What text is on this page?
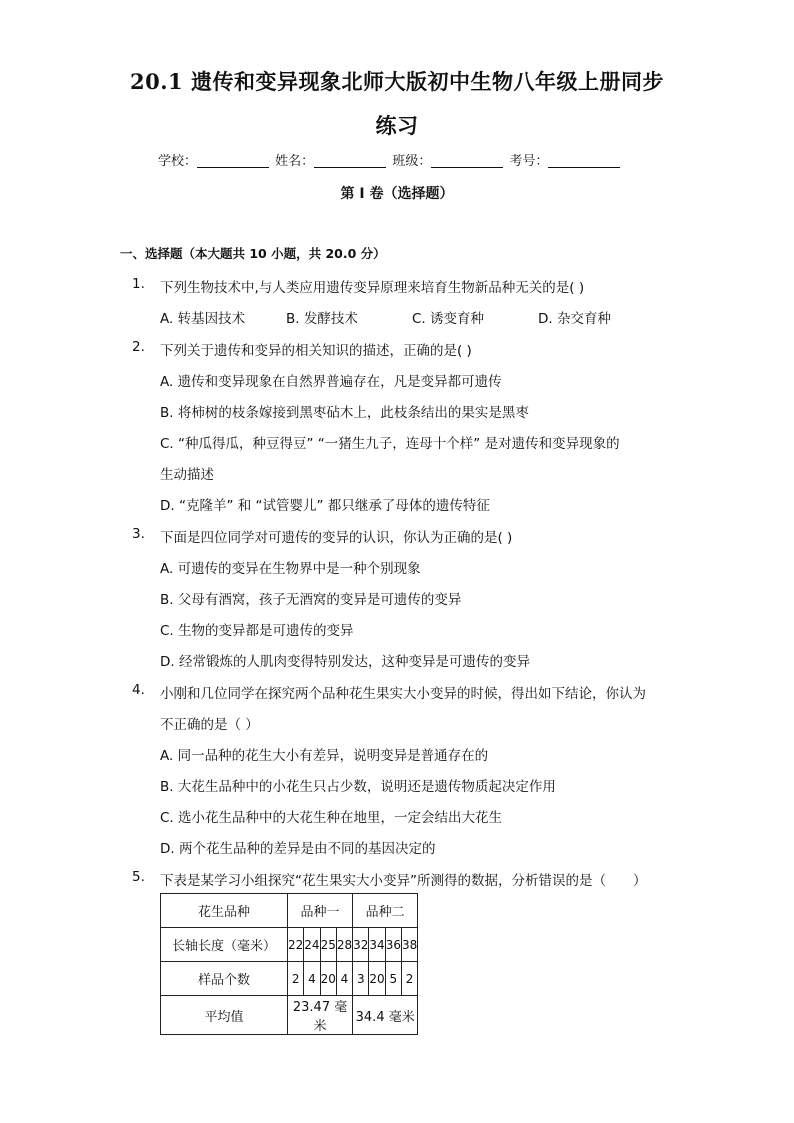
20.1 遗传和变异现象北师大版初中生物八年级上册同步
练习
学校：	姓名：	班级：	考号：
第 I 卷（选择题）
一、选择题（本大题共 10 小题，共 20.0 分）
1. 下列生物技术中,与人类应用遗传变异原理来培育生物新品种无关的是( )
A. 转基因技术	B. 发酵技术	C. 诱变育种	D. 杂交育种
2. 下列关于遗传和变异的相关知识的描述，正确的是( )
A. 遗传和变异现象在自然界普遍存在，凡是变异都可遗传
B. 将柿树的枝条嫁接到黑枣砧木上，此枝条结出的果实是黑枣
C. “种瓜得瓜，种豆得豆” “一猪生九子，连母十个样” 是对遗传和变异现象的
生动描述
D. “克隆羊” 和 “试管婴儿” 都只继承了母体的遗传特征
3. 下面是四位同学对可遗传的变异的认识，你认为正确的是( )
A. 可遗传的变异在生物界中是一种个别现象
B. 父母有酒窝，孩子无酒窝的变异是可遗传的变异
C. 生物的变异都是可遗传的变异
D. 经常锻炼的人肌肉变得特别发达，这种变异是可遗传的变异
4. 小刚和几位同学在探究两个品种花生果实大小变异的时候，得出如下结论，你认为
不正确的是（ ）
A. 同一品种的花生大小有差异，说明变异是普通存在的
B. 大花生品种中的小花生只占少数，说明还是遗传物质起决定作用
C. 选小花生品种中的大花生种在地里，一定会结出大花生
D. 两个花生品种的差异是由不同的基因决定的
5. 下表是某学习小组探究“花生果实大小变异”所测得的数据，分析错误的是（　　）
花生品种	品种一				品种二			
长轴长度（毫米）	22	24	25	28	32	34	36	38
样品个数	2	4	20	4	3	20	5	2
平均值	23.47 毫米				34.4 毫米			
